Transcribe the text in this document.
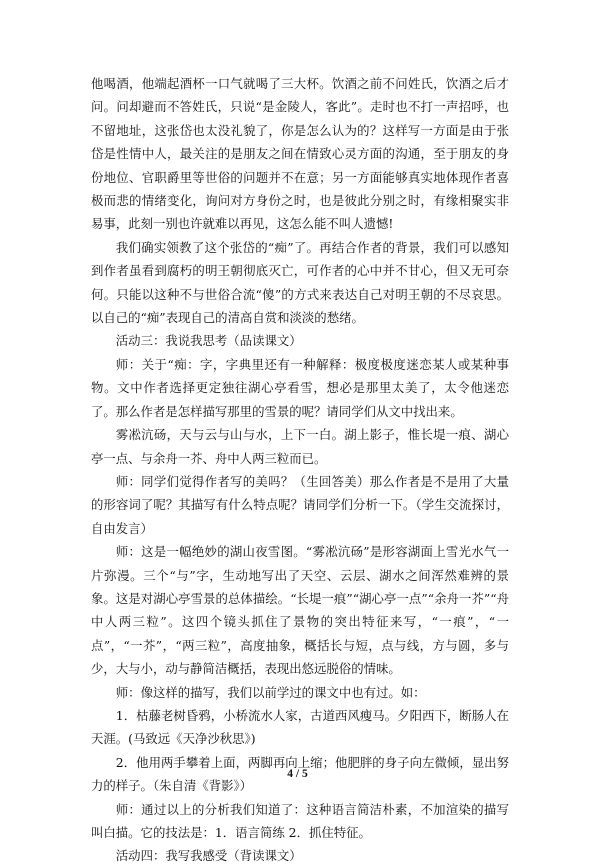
他喝酒，他端起酒杯一口气就喝了三大杯。饮酒之前不问姓氏，饮酒之后才问。问却避而不答姓氏，只说“是金陵人，客此”。走时也不打一声招呼，也不留地址，这张岱也太没礼貌了，你是怎么认为的？这样写一方面是由于张岱是性情中人，最关注的是朋友之间在情致心灵方面的沟通，至于朋友的身份地位、官职爵里等世俗的问题并不在意；另一方面能够真实地体现作者喜极而悲的情绪变化，询问对方身份之时，也是彼此分别之时，有缘相聚实非易事，此刻一别也许就难以再见，这怎么能不叫人遗憾!

我们确实领教了这个张岱的“痴”了。再结合作者的背景，我们可以感知到作者虽看到腐朽的明王朝彻底灭亡，可作者的心中并不甘心，但又无可奈何。只能以这种不与世俗合流“傻”的方式来表达自己对明王朝的不尽哀思。以自己的“痴”表现自己的清高自赏和淡淡的愁绪。

活动三：我说我思考（品读课文）

师：关于“痴：字，字典里还有一种解释：极度极度迷恋某人或某种事物。文中作者选择更定独往湖心亭看雪，想必是那里太美了，太令他迷恋了。那么作者是怎样描写那里的雪景的呢？请同学们从文中找出来。

雾凇沆砀，天与云与山与水，上下一白。湖上影子，惟长堤一痕、湖心亭一点、与余舟一芥、舟中人两三粒而已。

师：同学们觉得作者写的美吗？（生回答美）那么作者是不是用了大量的形容词了呢？其描写有什么特点呢？请同学们分析一下。（学生交流探讨，自由发言）

师：这是一幅绝妙的湖山夜雪图。“雾凇沆砀”是形容湖面上雪光水气一片弥漫。三个“与”字，生动地写出了天空、云层、湖水之间浑然难辨的景象。这是对湖心亭雪景的总体描绘。“长堤一痕”“湖心亭一点”“余舟一芥”“舟中人两三粒”。这四个镜头抓住了景物的突出特征来写，“一痕”，“一点”，“一芥”，“两三粒”，高度抽象，概括长与短，点与线，方与圆，多与少，大与小，动与静简洁概括，表现出悠远脱俗的情味。

师：像这样的描写，我们以前学过的课文中也有过。如：

1．枯藤老树昏鸦，小桥流水人家，古道西风瘦马。夕阳西下，断肠人在天涯。(马致远《天净沙秋思》)

2．他用两手攀着上面，两脚再向上缩；他肥胖的身子向左微倾，显出努力的样子。（朱自清《背影》）

师：通过以上的分析我们知道了：这种语言简洁朴素，不加渲染的描写叫白描。它的技法是：1．语言简练 2．抓住特征。

活动四：我写我感受（背读课文）

4 / 5
